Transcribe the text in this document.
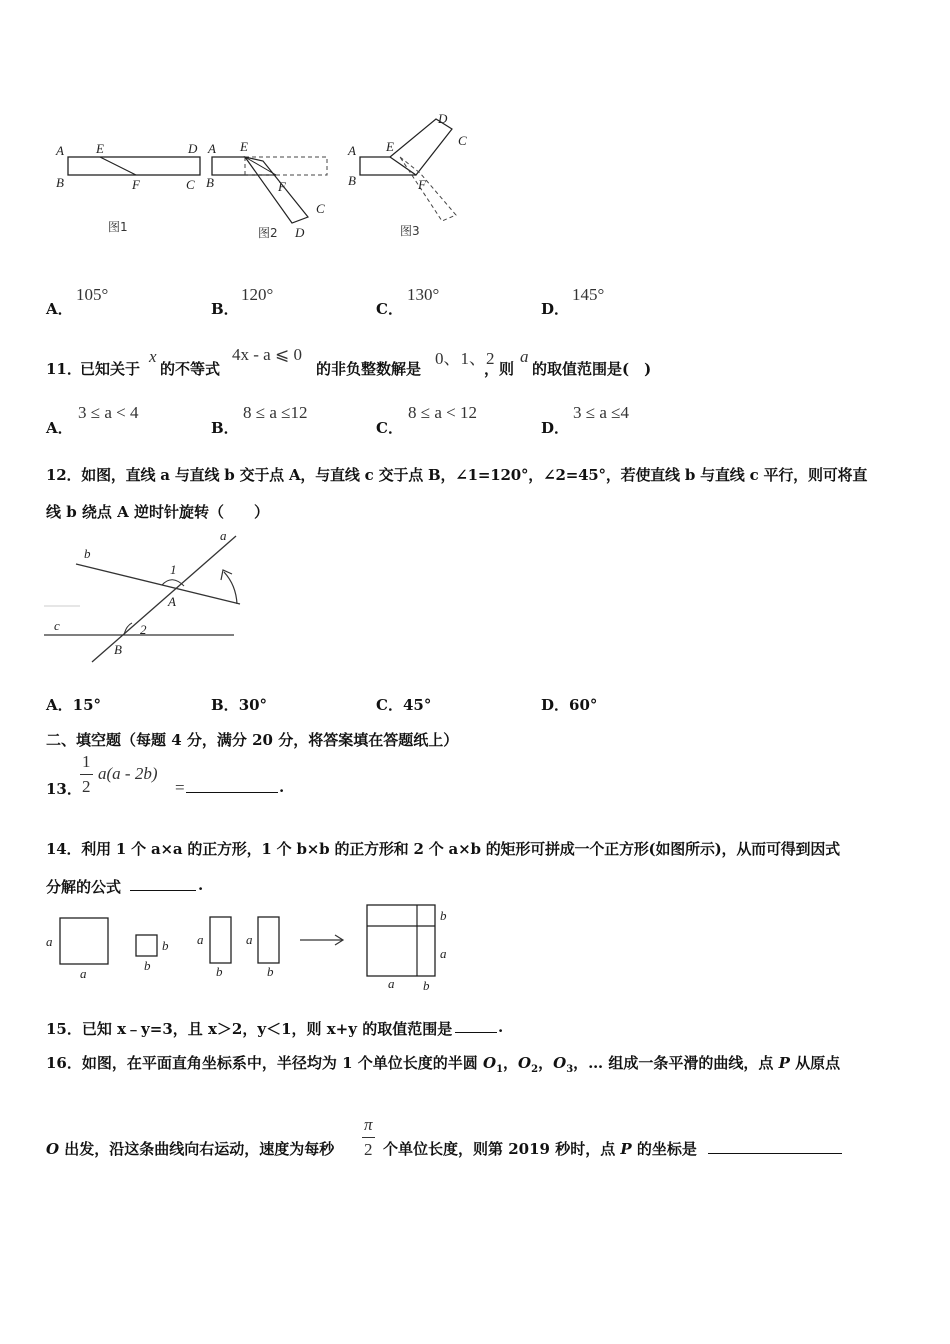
A
B
E
F
D
C
图1
A
B
E
F
C
D
图2
A
B
E
F
D
C
图3
A．
105°
B．
120°
C．
130°
D．
145°
11．
已知关于
x
的不等式
4x - a ⩽ 0
的非负整数解是
0、1、2
，则
a
的取值范围是(　)
A．
3 ≤ a < 4
B．
8 ≤ a ≤12
C．
8 ≤ a < 12
D．
3 ≤ a ≤4
12．如图，直线 a 与直线 b 交于点 A，与直线 c 交于点 B，∠1=120°，∠2=45°，若使直线 b 与直线 c 平行，则可将直
线 b 绕点 A 逆时针旋转（　　）
b
a
c
A
B
1
2
A．15°	B．30°	C．45°	D．60°
二、填空题（每题 4 分，满分 20 分，将答案填在答题纸上）
13．
$\frac{1}{2} a(a - 2b)$
=	.
14．利用 1 个 a×a 的正方形，1 个 b×b 的正方形和 2 个 a×b 的矩形可拼成一个正方形(如图所示)，从而可得到因式
分解的公式	.
a
a
b
b
a
b
a
b
b
a
a b
15．已知 x﹣y=3，且 x＞2，y＜1，则 x+y 的取值范围是	.
16．如图，在平面直角坐标系中，半径均为 1 个单位长度的半圆 $O_1$，$O_2$，$O_3$，… 组成一条平滑的曲线，点 P 从原点
O 出发，沿这条曲线向右运动，速度为每秒 $\frac{\pi}{2}$ 个单位长度，则第 2019 秒时，点 P 的坐标是
